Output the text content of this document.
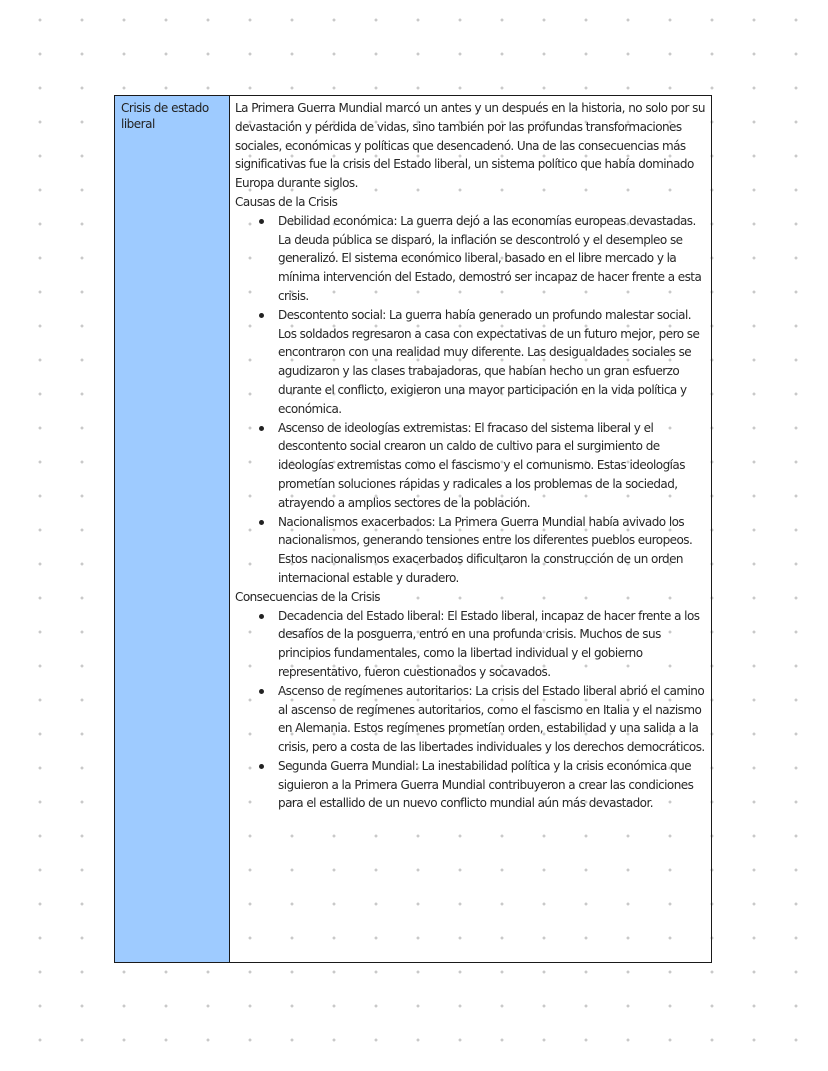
Crisis de estado liberal

La Primera Guerra Mundial marcó un antes y un después en la historia, no solo por su devastación y pérdida de vidas, sino también por las profundas transformaciones sociales, económicas y políticas que desencadenó. Una de las consecuencias más significativas fue la crisis del Estado liberal, un sistema político que había dominado Europa durante siglos.

Causas de la Crisis

Debilidad económica: La guerra dejó a las economías europeas devastadas. La deuda pública se disparó, la inflación se descontroló y el desempleo se generalizó. El sistema económico liberal, basado en el libre mercado y la mínima intervención del Estado, demostró ser incapaz de hacer frente a esta crisis.
Descontento social: La guerra había generado un profundo malestar social. Los soldados regresaron a casa con expectativas de un futuro mejor, pero se encontraron con una realidad muy diferente. Las desigualdades sociales se agudizaron y las clases trabajadoras, que habían hecho un gran esfuerzo durante el conflicto, exigieron una mayor participación en la vida política y económica.
Ascenso de ideologías extremistas: El fracaso del sistema liberal y el descontento social crearon un caldo de cultivo para el surgimiento de ideologías extremistas como el fascismo y el comunismo. Estas ideologías prometían soluciones rápidas y radicales a los problemas de la sociedad, atrayendo a amplios sectores de la población.
Nacionalismos exacerbados: La Primera Guerra Mundial había avivado los nacionalismos, generando tensiones entre los diferentes pueblos europeos. Estos nacionalismos exacerbados dificultaron la construcción de un orden internacional estable y duradero.

Consecuencias de la Crisis

Decadencia del Estado liberal: El Estado liberal, incapaz de hacer frente a los desafíos de la posguerra, entró en una profunda crisis. Muchos de sus principios fundamentales, como la libertad individual y el gobierno representativo, fueron cuestionados y socavados.
Ascenso de regímenes autoritarios: La crisis del Estado liberal abrió el camino al ascenso de regímenes autoritarios, como el fascismo en Italia y el nazismo en Alemania. Estos regímenes prometían orden, estabilidad y una salida a la crisis, pero a costa de las libertades individuales y los derechos democráticos.
Segunda Guerra Mundial: La inestabilidad política y la crisis económica que siguieron a la Primera Guerra Mundial contribuyeron a crear las condiciones para el estallido de un nuevo conflicto mundial aún más devastador.
